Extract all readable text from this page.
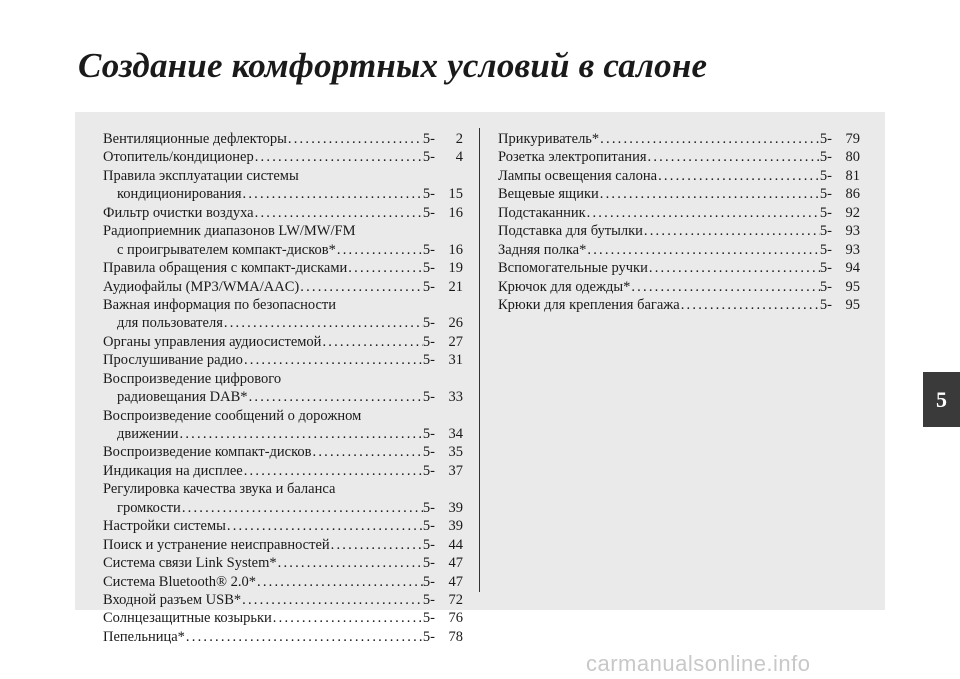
Создание комфортных условий в салоне
Вентиляционные дефлекторы .....	5-	2
Отопитель/кондиционер .....	5-	4
Правила эксплуатации системы
кондиционирования .....	5- 15
Фильтр очистки воздуха .....	5- 16
Радиоприемник диапазонов LW/MW/FM
с проигрывателем компакт-дисков* .....	5- 16
Правила обращения с компакт-дисками .....	5- 19
Аудиофайлы (MP3/WMA/AAC) .....	5- 21
Важная информация по безопасности
для пользователя .....	5- 26
Органы управления аудиосистемой .....	5- 27
Прослушивание радио .....	5- 31
Воспроизведение цифрового
радиовещания DAB* .....	5- 33
Воспроизведение сообщений о дорожном
движении .....	5- 34
Воспроизведение компакт-дисков .....	5- 35
Индикация на дисплее .....	5- 37
Регулировка качества звука и баланса
громкости .....	5- 39
Настройки системы .....	5- 39
Поиск и устранение неисправностей .....	5- 44
Система связи Link System* .....	5- 47
Система Bluetooth® 2.0* .....	5- 47
Входной разъем USB* .....	5- 72
Солнцезащитные козырьки .....	5- 76
Пепельница* .....	5- 78
Прикуриватель* .....	5- 79
Розетка электропитания .....	5- 80
Лампы освещения салона .....	5- 81
Вещевые ящики .....	5- 86
Подстаканник .....	5- 92
Подставка для бутылки .....	5- 93
Задняя полка* .....	5- 93
Вспомогательные ручки .....	5- 94
Крючок для одежды* .....	5- 95
Крюки для крепления багажа .....	5- 95
5
carmanualsonline.info
